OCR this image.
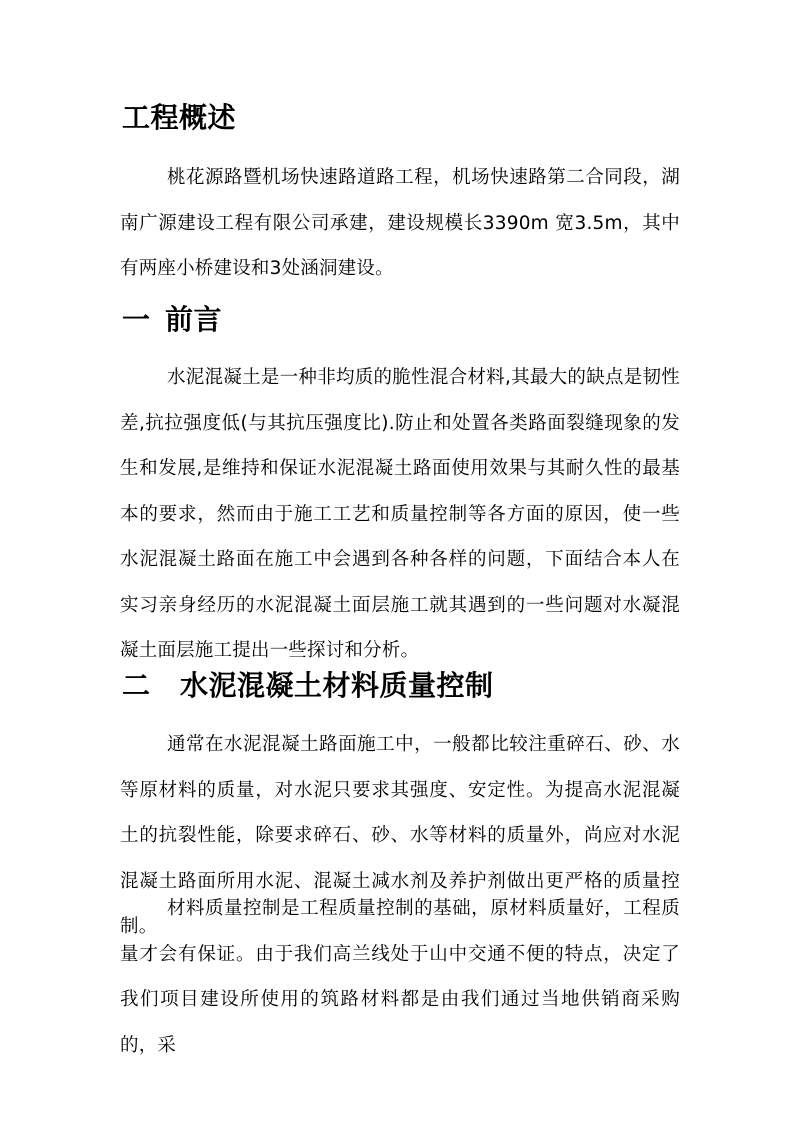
工程概述

桃花源路暨机场快速路道路工程，机场快速路第二合同段，湖南广源建设工程有限公司承建，建设规模长3390m 宽3.5m，其中有两座小桥建设和3处涵洞建设。

一 前言

水泥混凝土是一种非均质的脆性混合材料,其最大的缺点是韧性差,抗拉强度低(与其抗压强度比).防止和处置各类路面裂缝现象的发生和发展,是维持和保证水泥混凝土路面使用效果与其耐久性的最基本的要求，然而由于施工工艺和质量控制等各方面的原因，使一些水泥混凝土路面在施工中会遇到各种各样的问题，下面结合本人在实习亲身经历的水泥混凝土面层施工就其遇到的一些问题对水凝混凝土面层施工提出一些探讨和分析。

二 水泥混凝土材料质量控制

通常在水泥混凝土路面施工中，一般都比较注重碎石、砂、水等原材料的质量，对水泥只要求其强度、安定性。为提高水泥混凝土的抗裂性能，除要求碎石、砂、水等材料的质量外，尚应对水泥混凝土路面所用水泥、混凝土减水剂及养护剂做出更严格的质量控制。

材料质量控制是工程质量控制的基础，原材料质量好，工程质量才会有保证。由于我们高兰线处于山中交通不便的特点，决定了我们项目建设所使用的筑路材料都是由我们通过当地供销商采购的，采
